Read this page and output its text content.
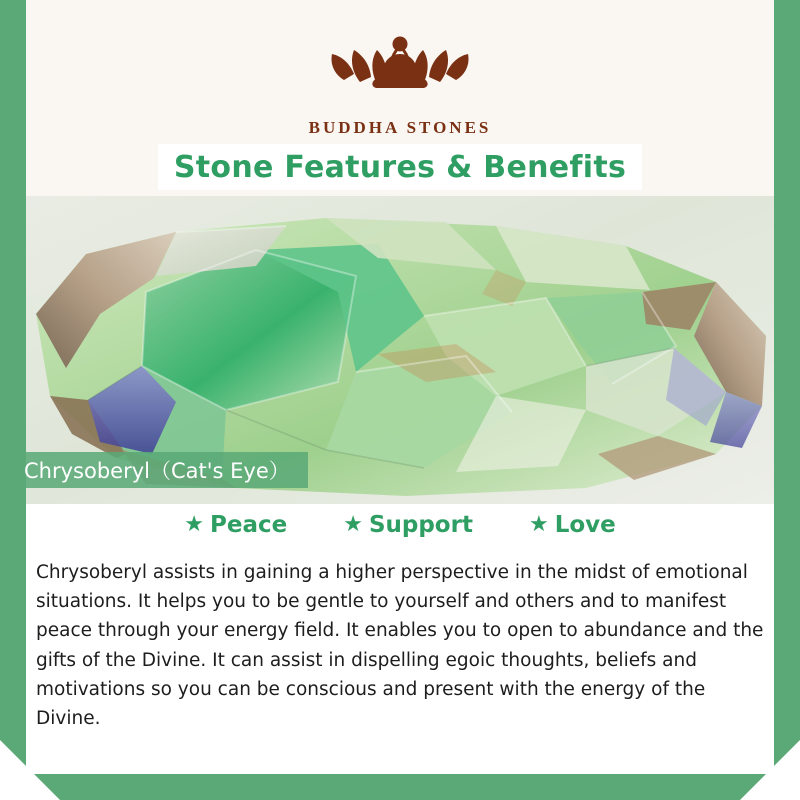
BUDDHA STONES
Stone Features & Benefits
Chrysoberyl（Cat's Eye）
★ Peace	★ Support	★ Love
Chrysoberyl assists in gaining a higher perspective in the midst of emotional situations. It helps you to be gentle to yourself and others and to manifest peace through your energy field. It enables you to open to abundance and the gifts of the Divine. It can assist in dispelling egoic thoughts, beliefs and motivations so you can be conscious and present with the energy of the Divine.
